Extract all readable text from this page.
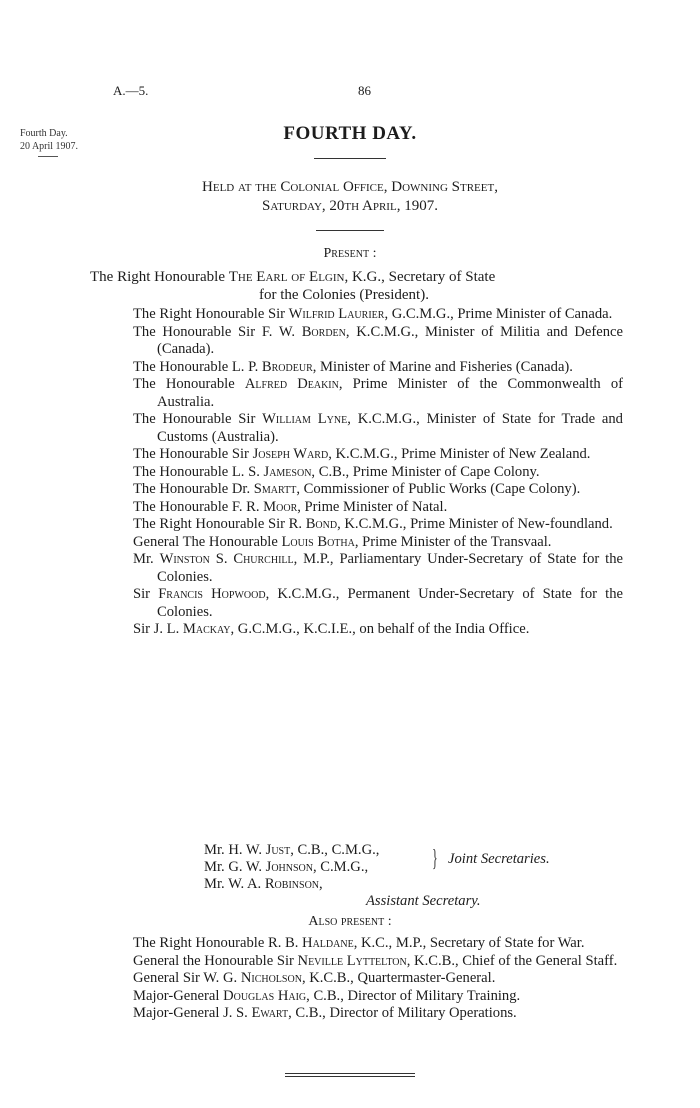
A.—5.	86
Fourth Day.
20 April 1907.
FOURTH DAY.
Held at the Colonial Office, Downing Street,
Saturday, 20th April, 1907.
Present :
The Right Honourable The Earl of Elgin, K.G., Secretary of State
for the Colonies (President).
The Right Honourable Sir Wilfrid Laurier, G.C.M.G., Prime Minister of Canada.
The Honourable Sir F. W. Borden, K.C.M.G., Minister of Militia and Defence (Canada).
The Honourable L. P. Brodeur, Minister of Marine and Fisheries (Canada).
The Honourable Alfred Deakin, Prime Minister of the Commonwealth of Australia.
The Honourable Sir William Lyne, K.C.M.G., Minister of State for Trade and Customs (Australia).
The Honourable Sir Joseph Ward, K.C.M.G., Prime Minister of New Zealand.
The Honourable L. S. Jameson, C.B., Prime Minister of Cape Colony.
The Honourable Dr. Smartt, Commissioner of Public Works (Cape Colony).
The Honourable F. R. Moor, Prime Minister of Natal.
The Right Honourable Sir R. Bond, K.C.M.G., Prime Minister of New-foundland.
General The Honourable Louis Botha, Prime Minister of the Transvaal.
Mr. Winston S. Churchill, M.P., Parliamentary Under-Secretary of State for the Colonies.
Sir Francis Hopwood, K.C.M.G., Permanent Under-Secretary of State for the Colonies.
Sir J. L. Mackay, G.C.M.G., K.C.I.E., on behalf of the India Office.
Mr. H. W. Just, C.B., C.M.G.,
Mr. G. W. Johnson, C.M.G.,	} Joint Secretaries.
Mr. W. A. Robinson,
Assistant Secretary.
Also present :
The Right Honourable R. B. Haldane, K.C., M.P., Secretary of State for War.
General the Honourable Sir Neville Lyttelton, K.C.B., Chief of the General Staff.
General Sir W. G. Nicholson, K.C.B., Quartermaster-General.
Major-General Douglas Haig, C.B., Director of Military Training.
Major-General J. S. Ewart, C.B., Director of Military Operations.
